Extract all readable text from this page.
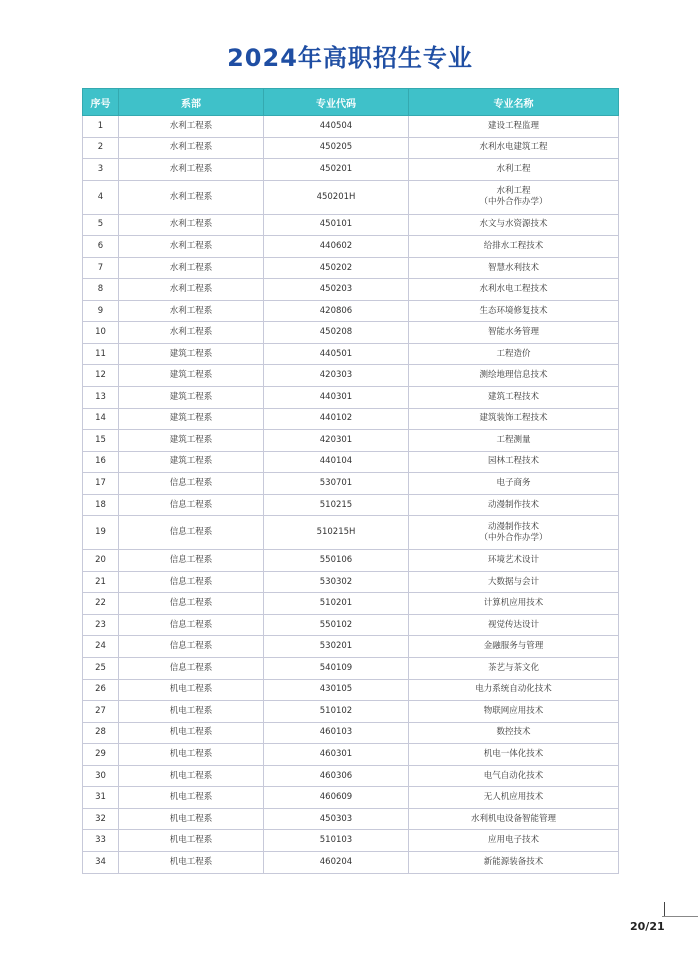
2024年高职招生专业
序号	系部	专业代码	专业名称
1	水利工程系	440504	建设工程监理
2	水利工程系	450205	水利水电建筑工程
3	水利工程系	450201	水利工程
4	水利工程系	450201H	水利工程
（中外合作办学）

5	水利工程系	450101	水文与水资源技术
6	水利工程系	440602	给排水工程技术
7	水利工程系	450202	智慧水利技术
8	水利工程系	450203	水利水电工程技术
9	水利工程系	420806	生态环境修复技术
10	水利工程系	450208	智能水务管理
11	建筑工程系	440501	工程造价
12	建筑工程系	420303	测绘地理信息技术
13	建筑工程系	440301	建筑工程技术
14	建筑工程系	440102	建筑装饰工程技术
15	建筑工程系	420301	工程测量
16	建筑工程系	440104	园林工程技术
17	信息工程系	530701	电子商务
18	信息工程系	510215	动漫制作技术
19	信息工程系	510215H	动漫制作技术
（中外合作办学）

20	信息工程系	550106	环境艺术设计
21	信息工程系	530302	大数据与会计
22	信息工程系	510201	计算机应用技术
23	信息工程系	550102	视觉传达设计
24	信息工程系	530201	金融服务与管理
25	信息工程系	540109	茶艺与茶文化
26	机电工程系	430105	电力系统自动化技术
27	机电工程系	510102	物联网应用技术
28	机电工程系	460103	数控技术
29	机电工程系	460301	机电一体化技术
30	机电工程系	460306	电气自动化技术
31	机电工程系	460609	无人机应用技术
32	机电工程系	450303	水利机电设备智能管理
33	机电工程系	510103	应用电子技术
34	机电工程系	460204	新能源装备技术
20/21
